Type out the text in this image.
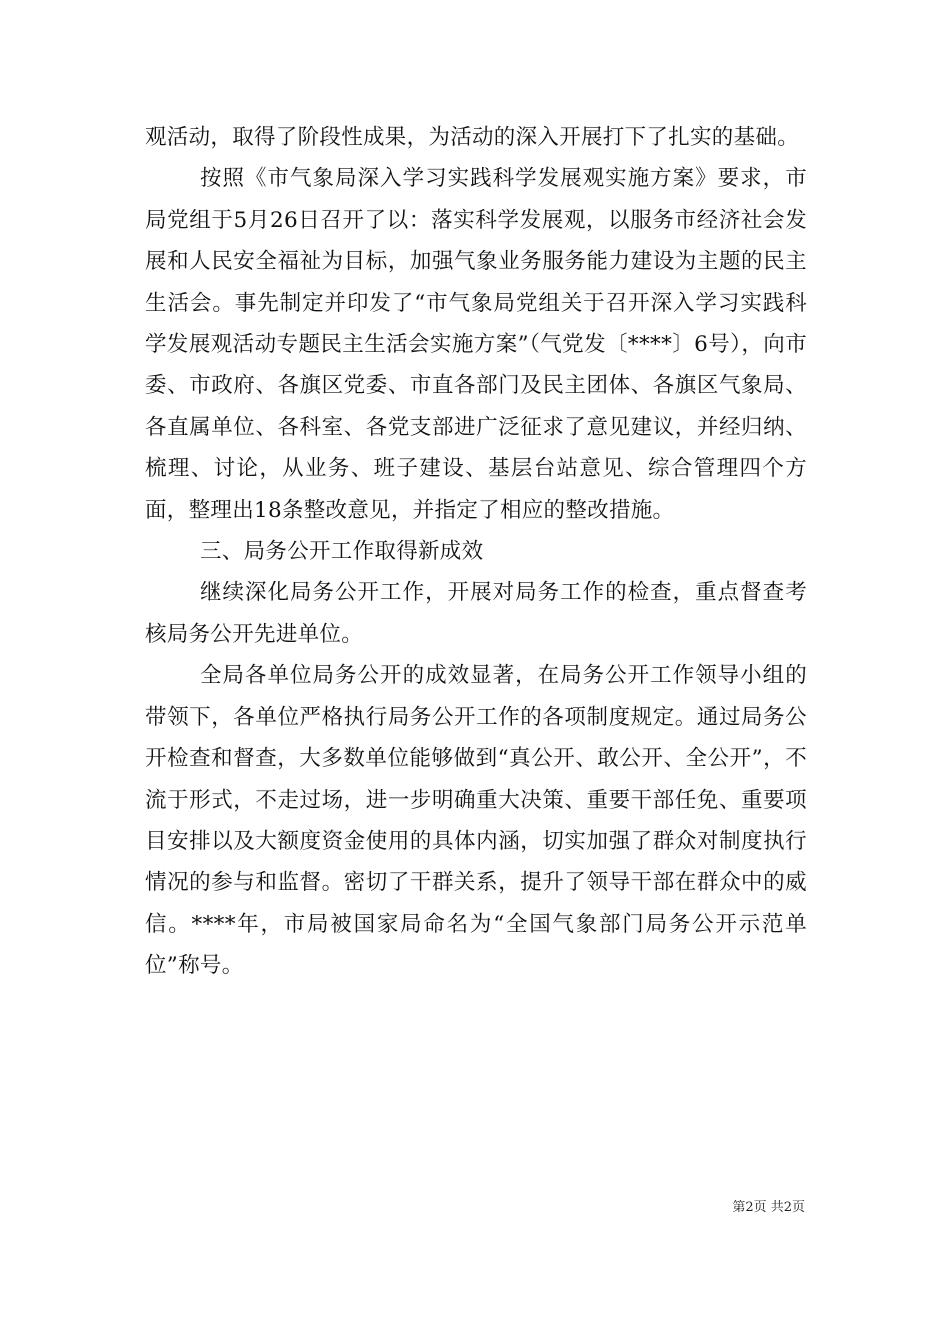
观活动，取得了阶段性成果，为活动的深入开展打下了扎实的基础。

按照《市气象局深入学习实践科学发展观实施方案》要求，市局党组于5月26日召开了以：落实科学发展观，以服务市经济社会发展和人民安全福祉为目标，加强气象业务服务能力建设为主题的民主生活会。事先制定并印发了“市气象局党组关于召开深入学习实践科学发展观活动专题民主生活会实施方案”（气党发〔****〕6号），向市委、市政府、各旗区党委、市直各部门及民主团体、各旗区气象局、各直属单位、各科室、各党支部进广泛征求了意见建议，并经归纳、梳理、讨论，从业务、班子建设、基层台站意见、综合管理四个方面，整理出18条整改意见，并指定了相应的整改措施。

三、局务公开工作取得新成效

继续深化局务公开工作，开展对局务工作的检查，重点督查考核局务公开先进单位。

全局各单位局务公开的成效显著，在局务公开工作领导小组的带领下，各单位严格执行局务公开工作的各项制度规定。通过局务公开检查和督查，大多数单位能够做到“真公开、敢公开、全公开”，不流于形式，不走过场，进一步明确重大决策、重要干部任免、重要项目安排以及大额度资金使用的具体内涵，切实加强了群众对制度执行情况的参与和监督。密切了干群关系，提升了领导干部在群众中的威信。****年，市局被国家局命名为“全国气象部门局务公开示范单位”称号。

第2页 共2页
